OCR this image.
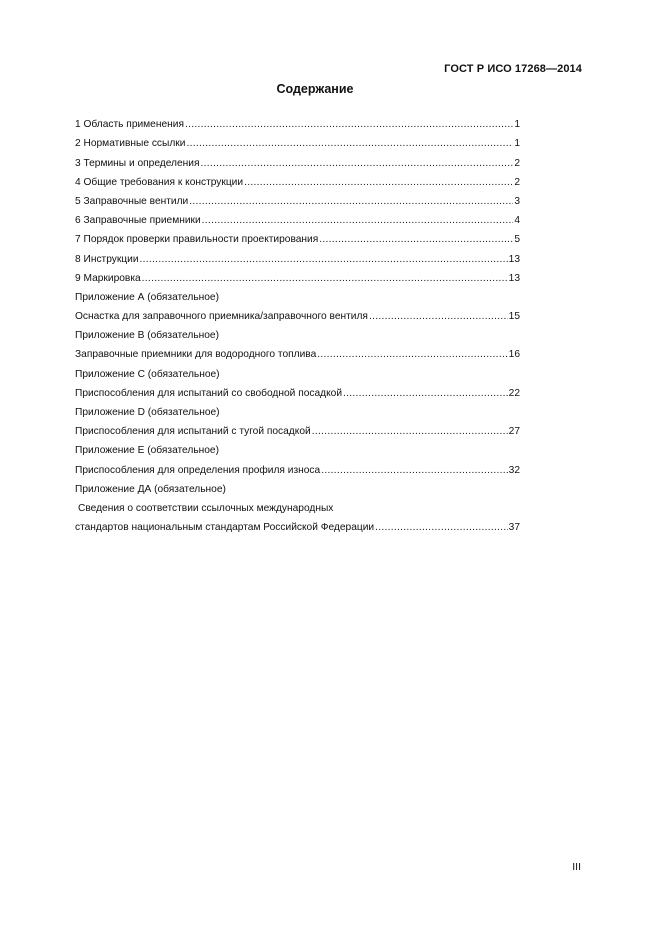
ГОСТ Р ИСО 17268—2014
Содержание
1 Область применения .....	1
2 Нормативные ссылки .....	1
3 Термины и определения .....	2
4 Общие требования к конструкции .....	2
5 Заправочные вентили .....	3
6 Заправочные приемники .....	4
7 Порядок проверки правильности проектирования .....	5
8 Инструкции .....	13
9 Маркировка .....	13
Приложение А (обязательное)
Оснастка для заправочного приемника/заправочного вентиля .....	15
Приложение В (обязательное)
Заправочные приемники для водородного топлива .....	16
Приложение С (обязательное)
Приспособления для испытаний со свободной посадкой .....	22
Приложение D (обязательное)
Приспособления для испытаний с тугой посадкой .....	27
Приложение Е (обязательное)
Приспособления для определения профиля износа .....	32
Приложение ДА (обязательное)
Сведения о соответствии ссылочных международных
стандартов национальным стандартам Российской Федерации .....	37
III
